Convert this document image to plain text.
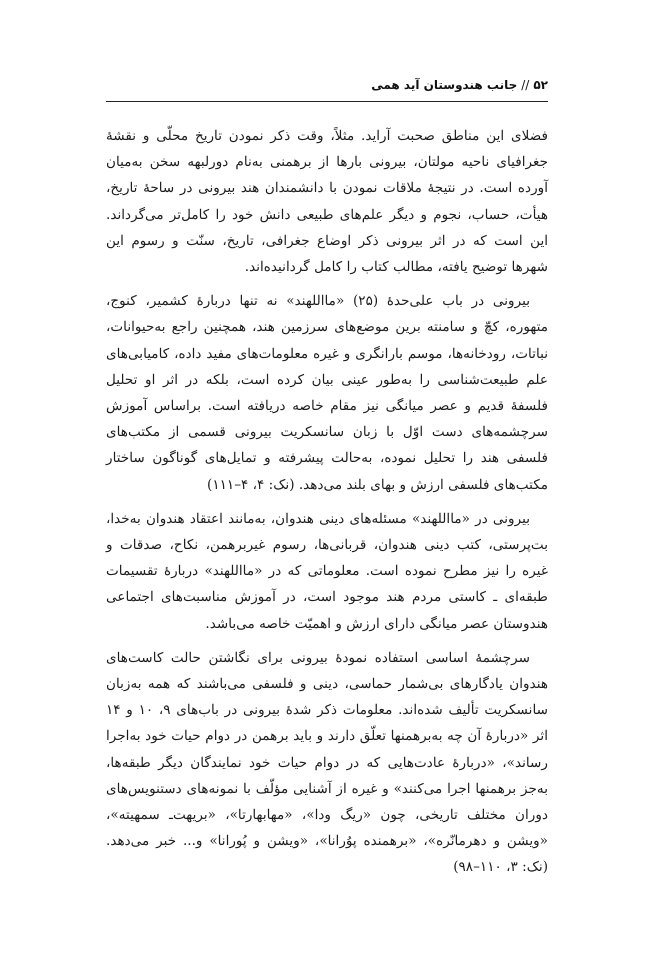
۵۲//جانب هندوستان آید همی

فضلای این مناطق صحبت آراید. مثلاً، وقت ذکر نمودن تاریخ محلّی و نقشهٔ جغرافیای ناحیه مولتان، بیرونی بارها از برهمنی به‌نام دورلبهه سخن به‌میان آورده است. در نتیجهٔ ملاقات نمودن با دانشمندان هند بیرونی در ساحهٔ تاریخ، هیأت، حساب، نجوم و دیگر علم‌های طبیعی دانش خود را کامل‌تر می‌گرداند. این است که در اثر بیرونی ذکر اوضاع جغرافی، تاریخ، سنّت و رسوم این شهرها توضیح یافته، مطالب کتاب را کامل گردانیده‌اند.

بیرونی در باب علی‌حدهٔ (۲۵) «مااللهند» نه تنها دربارهٔ کشمیر، کنوج، متهوره، کچّ و سامنته برین موضع‌های سرزمین هند، همچنین راجع به‌حیوانات، نباتات، رودخانه‌ها، موسم بارانگری و غیره معلومات‌های مفید داده، کامیابی‌های علم طبیعت‌شناسی را به‌طور عینی بیان کرده است، بلکه در اثر او تحلیل فلسفهٔ قدیم و عصر میانگی نیز مقام خاصه دریافته است. براساس آموزش سرچشمه‌های دست اوّل با زبان سانسکریت بیرونی قسمی از مکتب‌های فلسفی هند را تحلیل نموده، به‌حالت پیشرفته و تمایل‌های گوناگون ساختار مکتب‌های فلسفی ارزش و بهای بلند می‌دهد. (نک: ۴، ۴–۱۱۱)

بیرونی در «مااللهند» مسئله‌های دینی هندوان، به‌مانند اعتقاد هندوان به‌خدا، بت‌پرستی، کتب دینی هندوان، قربانی‌ها، رسوم غیربرهمن، نکاح، صدقات و غیره را نیز مطرح نموده است. معلوماتی که در «مااللهند» دربارهٔ تقسیمات طبقه‌ای ـ کاستی مردم هند موجود است، در آموزش مناسبت‌های اجتماعی هندوستان عصر میانگی دارای ارزش و اهمیّت خاصه می‌باشد.

سرچشمهٔ اساسی استفاده نمودهٔ بیرونی برای نگاشتن حالت کاست‌های هندوان یادگارهای بی‌شمار حماسی، دینی و فلسفی می‌باشند که همه به‌زبان سانسکریت تألیف شده‌اند. معلومات ذکر شدهٔ بیرونی در باب‌های ۹، ۱۰ و ۱۴ اثر «دربارهٔ آن چه به‌برهمنها تعلّق دارند و باید برهمن در دوام حیات خود به‌اجرا رساند»، «دربارهٔ عادت‌هایی که در دوام حیات خود نمایندگان دیگر طبقه‌ها، به‌جز برهمنها اجرا می‌کنند» و غیره از آشنایی مؤلّف با نمونه‌های دستنویس‌های دوران مختلف تاریخی، چون «ریگ ودا»، «مهابهارتا»، «بریهت‌ـ سمهیته»، «ویشن و دهرمانّره»، «برهمنده پوُرانا»، «ویشن و پُورانا» و... خبر می‌دهد. (نک: ۳، ۱۱۰–۹۸)
